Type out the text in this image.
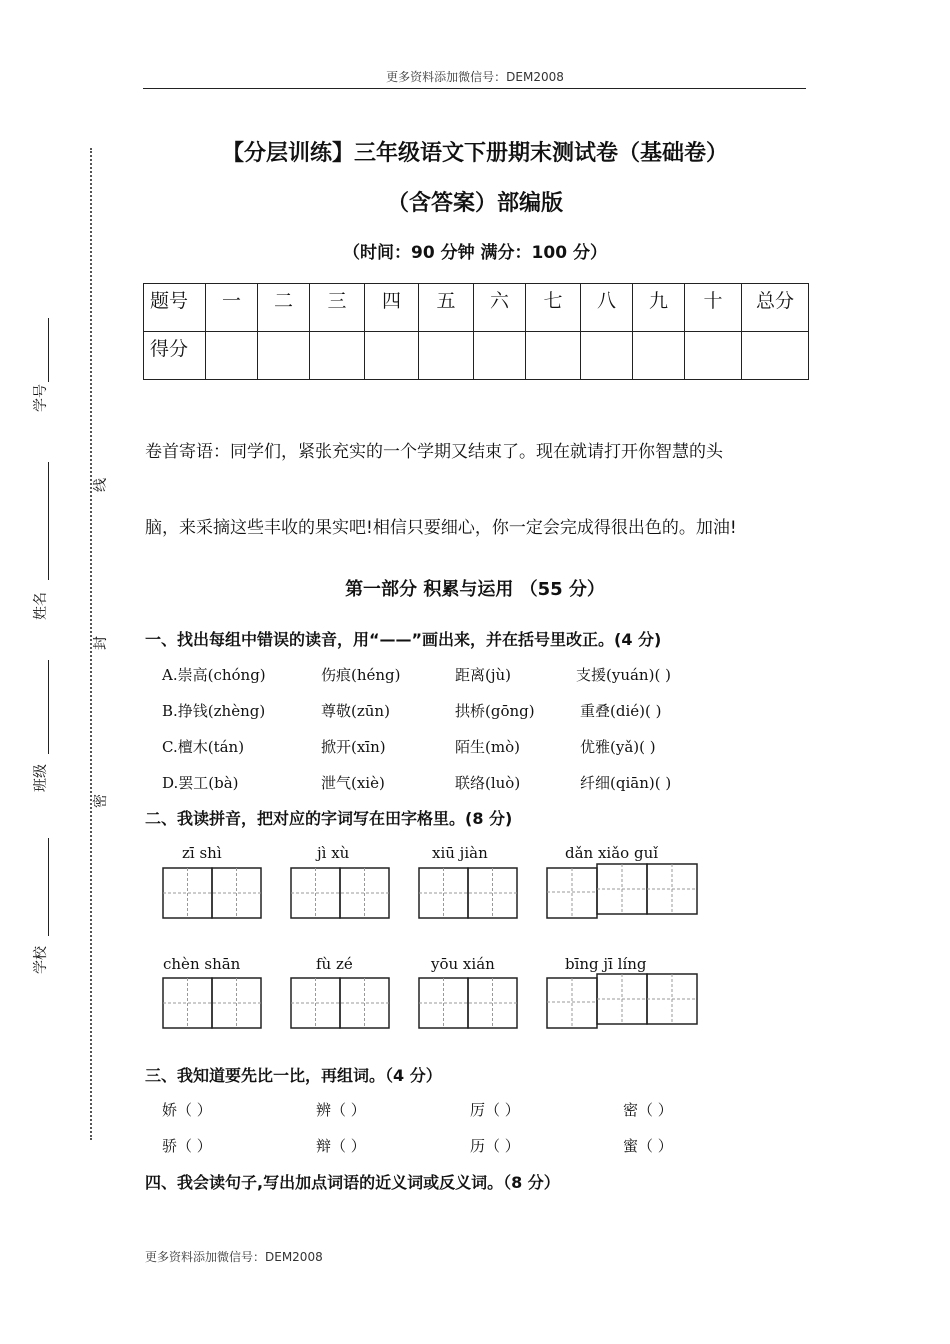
更多资料添加微信号：DEM2008
学号
姓名
班级
学校
线
封
密
【分层训练】三年级语文下册期末测试卷（基础卷）
（含答案）部编版
（时间：90 分钟 满分：100 分）
题号	一	二	三	四	五	六	七	八	九	十	总分
得分											
卷首寄语：同学们，紧张充实的一个学期又结束了。现在就请打开你智慧的头
脑，来采摘这些丰收的果实吧!相信只要细心，你一定会完成得很出色的。加油!
第一部分 积累与运用 （55 分）
一、找出每组中错误的读音，用“——”画出来，并在括号里改正。(4 分)
A.崇高(chóng)	伤痕(héng)	距离(jù)	支援(yuán)( )
B.挣钱(zhèng)	尊敬(zūn)	拱桥(gōng)	重叠(dié)( )
C.檀木(tán)	掀开(xīn)	陌生(mò)	优雅(yǎ)( )
D.罢工(bà)	泄气(xiè)	联络(luò)	纤细(qiān)( )
二、我读拼音，把对应的字词写在田字格里。(8 分)
zī shì	jì xù	xiū jiàn	dǎn xiǎo guǐ
chèn shān	fù zé	yōu xián	bīng jī líng
三、我知道要先比一比，再组词。（4 分）
娇（ ）	辨（ ）	厉（ ）	密（ ）
骄（ ）	辩（ ）	历（ ）	蜜（ ）
四、我会读句子,写出加点词语的近义词或反义词。（8 分）
更多资料添加微信号：DEM2008
